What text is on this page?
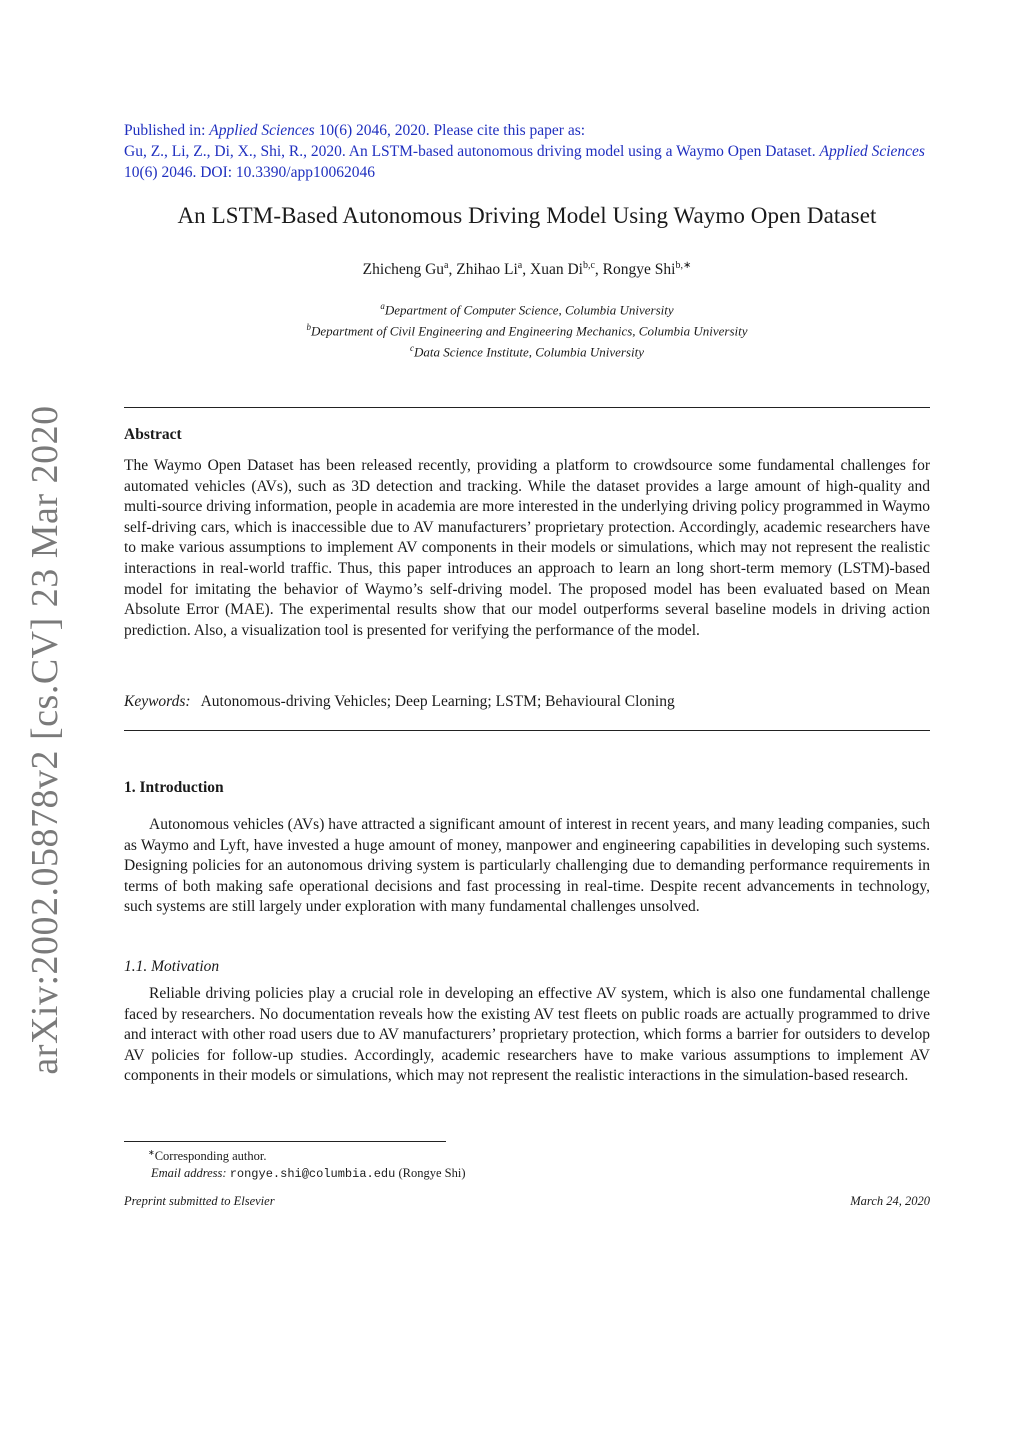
arXiv:2002.05878v2 [cs.CV] 23 Mar 2020
Published in: Applied Sciences 10(6) 2046, 2020. Please cite this paper as:
Gu, Z., Li, Z., Di, X., Shi, R., 2020. An LSTM-based autonomous driving model using a Waymo Open Dataset. Applied Sciences 10(6) 2046. DOI: 10.3390/app10062046
An LSTM-Based Autonomous Driving Model Using Waymo Open Dataset
Zhicheng Gu$^a$, Zhihao Li$^a$, Xuan Di$^{b,c}$, Rongye Shi$^{b,∗}$
$^a$Department of Computer Science, Columbia University
$^b$Department of Civil Engineering and Engineering Mechanics, Columbia University
$^c$Data Science Institute, Columbia University
Abstract
The Waymo Open Dataset has been released recently, providing a platform to crowdsource some fundamental challenges for automated vehicles (AVs), such as 3D detection and tracking. While the dataset provides a large amount of high-quality and multi-source driving information, people in academia are more interested in the underlying driving policy programmed in Waymo self-driving cars, which is inaccessible due to AV manufacturers’ proprietary protection. Accordingly, academic researchers have to make various assumptions to implement AV components in their models or simulations, which may not represent the realistic interactions in real-world traffic. Thus, this paper introduces an approach to learn an long short-term memory (LSTM)-based model for imitating the behavior of Waymo’s self-driving model. The proposed model has been evaluated based on Mean Absolute Error (MAE). The experimental results show that our model outperforms several baseline models in driving action prediction. Also, a visualization tool is presented for verifying the performance of the model.
Keywords: Autonomous-driving Vehicles; Deep Learning; LSTM; Behavioural Cloning
1. Introduction
Autonomous vehicles (AVs) have attracted a significant amount of interest in recent years, and many leading companies, such as Waymo and Lyft, have invested a huge amount of money, manpower and engineering capabilities in developing such systems. Designing policies for an autonomous driving system is particularly challenging due to demanding performance requirements in terms of both making safe operational decisions and fast processing in real-time. Despite recent advancements in technology, such systems are still largely under exploration with many fundamental challenges unsolved.
1.1. Motivation
Reliable driving policies play a crucial role in developing an effective AV system, which is also one fundamental challenge faced by researchers. No documentation reveals how the existing AV test fleets on public roads are actually programmed to drive and interact with other road users due to AV manufacturers’ proprietary protection, which forms a barrier for outsiders to develop AV policies for follow-up studies. Accordingly, academic researchers have to make various assumptions to implement AV components in their models or simulations, which may not represent the realistic interactions in the simulation-based research.
∗Corresponding author.
Email address: rongye.shi@columbia.edu (Rongye Shi)
Preprint submitted to Elsevier	March 24, 2020
